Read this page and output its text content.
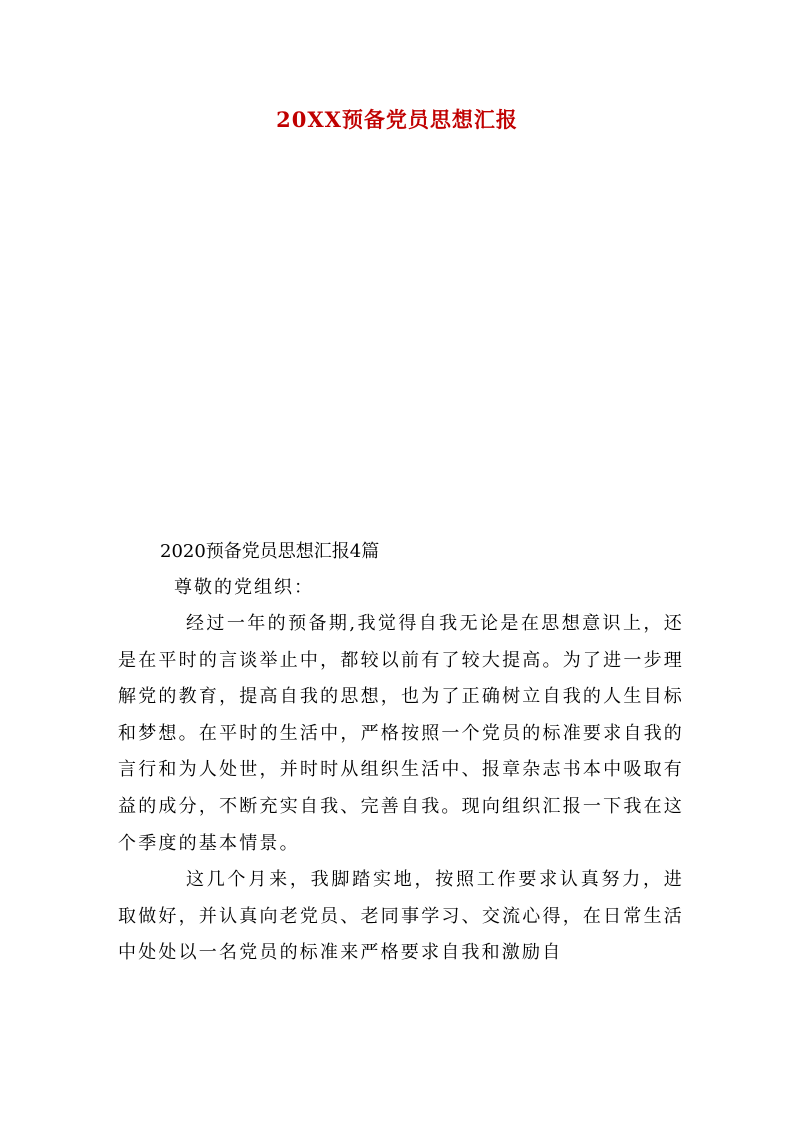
20XX预备党员思想汇报

2020预备党员思想汇报4篇

尊敬的党组织：

经过一年的预备期,我觉得自我无论是在思想意识上，还是在平时的言谈举止中，都较以前有了较大提高。为了进一步理解党的教育，提高自我的思想，也为了正确树立自我的人生目标和梦想。在平时的生活中，严格按照一个党员的标准要求自我的言行和为人处世，并时时从组织生活中、报章杂志书本中吸取有益的成分，不断充实自我、完善自我。现向组织汇报一下我在这个季度的基本情景。

这几个月来，我脚踏实地，按照工作要求认真努力，进取做好，并认真向老党员、老同事学习、交流心得，在日常生活中处处以一名党员的标准来严格要求自我和激励自
